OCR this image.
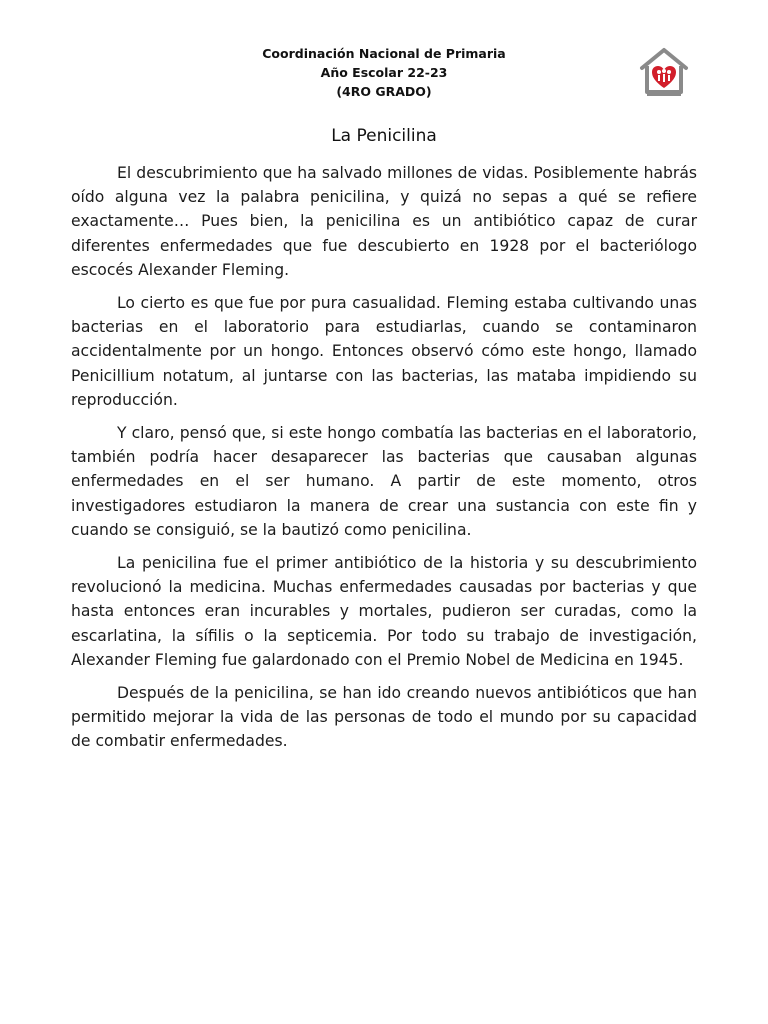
Coordinación Nacional de Primaria
Año Escolar 22-23
(4RO GRADO)
La Penicilina

El descubrimiento que ha salvado millones de vidas. Posiblemente habrás oído alguna vez la palabra penicilina, y quizá no sepas a qué se refiere exactamente… Pues bien, la penicilina es un antibiótico capaz de curar diferentes enfermedades que fue descubierto en 1928 por el bacteriólogo escocés Alexander Fleming.

Lo cierto es que fue por pura casualidad. Fleming estaba cultivando unas bacterias en el laboratorio para estudiarlas, cuando se contaminaron accidentalmente por un hongo. Entonces observó cómo este hongo, llamado Penicillium notatum, al juntarse con las bacterias, las mataba impidiendo su reproducción.

Y claro, pensó que, si este hongo combatía las bacterias en el laboratorio, también podría hacer desaparecer las bacterias que causaban algunas enfermedades en el ser humano. A partir de este momento, otros investigadores estudiaron la manera de crear una sustancia con este fin y cuando se consiguió, se la bautizó como penicilina.

La penicilina fue el primer antibiótico de la historia y su descubrimiento revolucionó la medicina. Muchas enfermedades causadas por bacterias y que hasta entonces eran incurables y mortales, pudieron ser curadas, como la escarlatina, la sífilis o la septicemia. Por todo su trabajo de investigación, Alexander Fleming fue galardonado con el Premio Nobel de Medicina en 1945.

Después de la penicilina, se han ido creando nuevos antibióticos que han permitido mejorar la vida de las personas de todo el mundo por su capacidad de combatir enfermedades.
